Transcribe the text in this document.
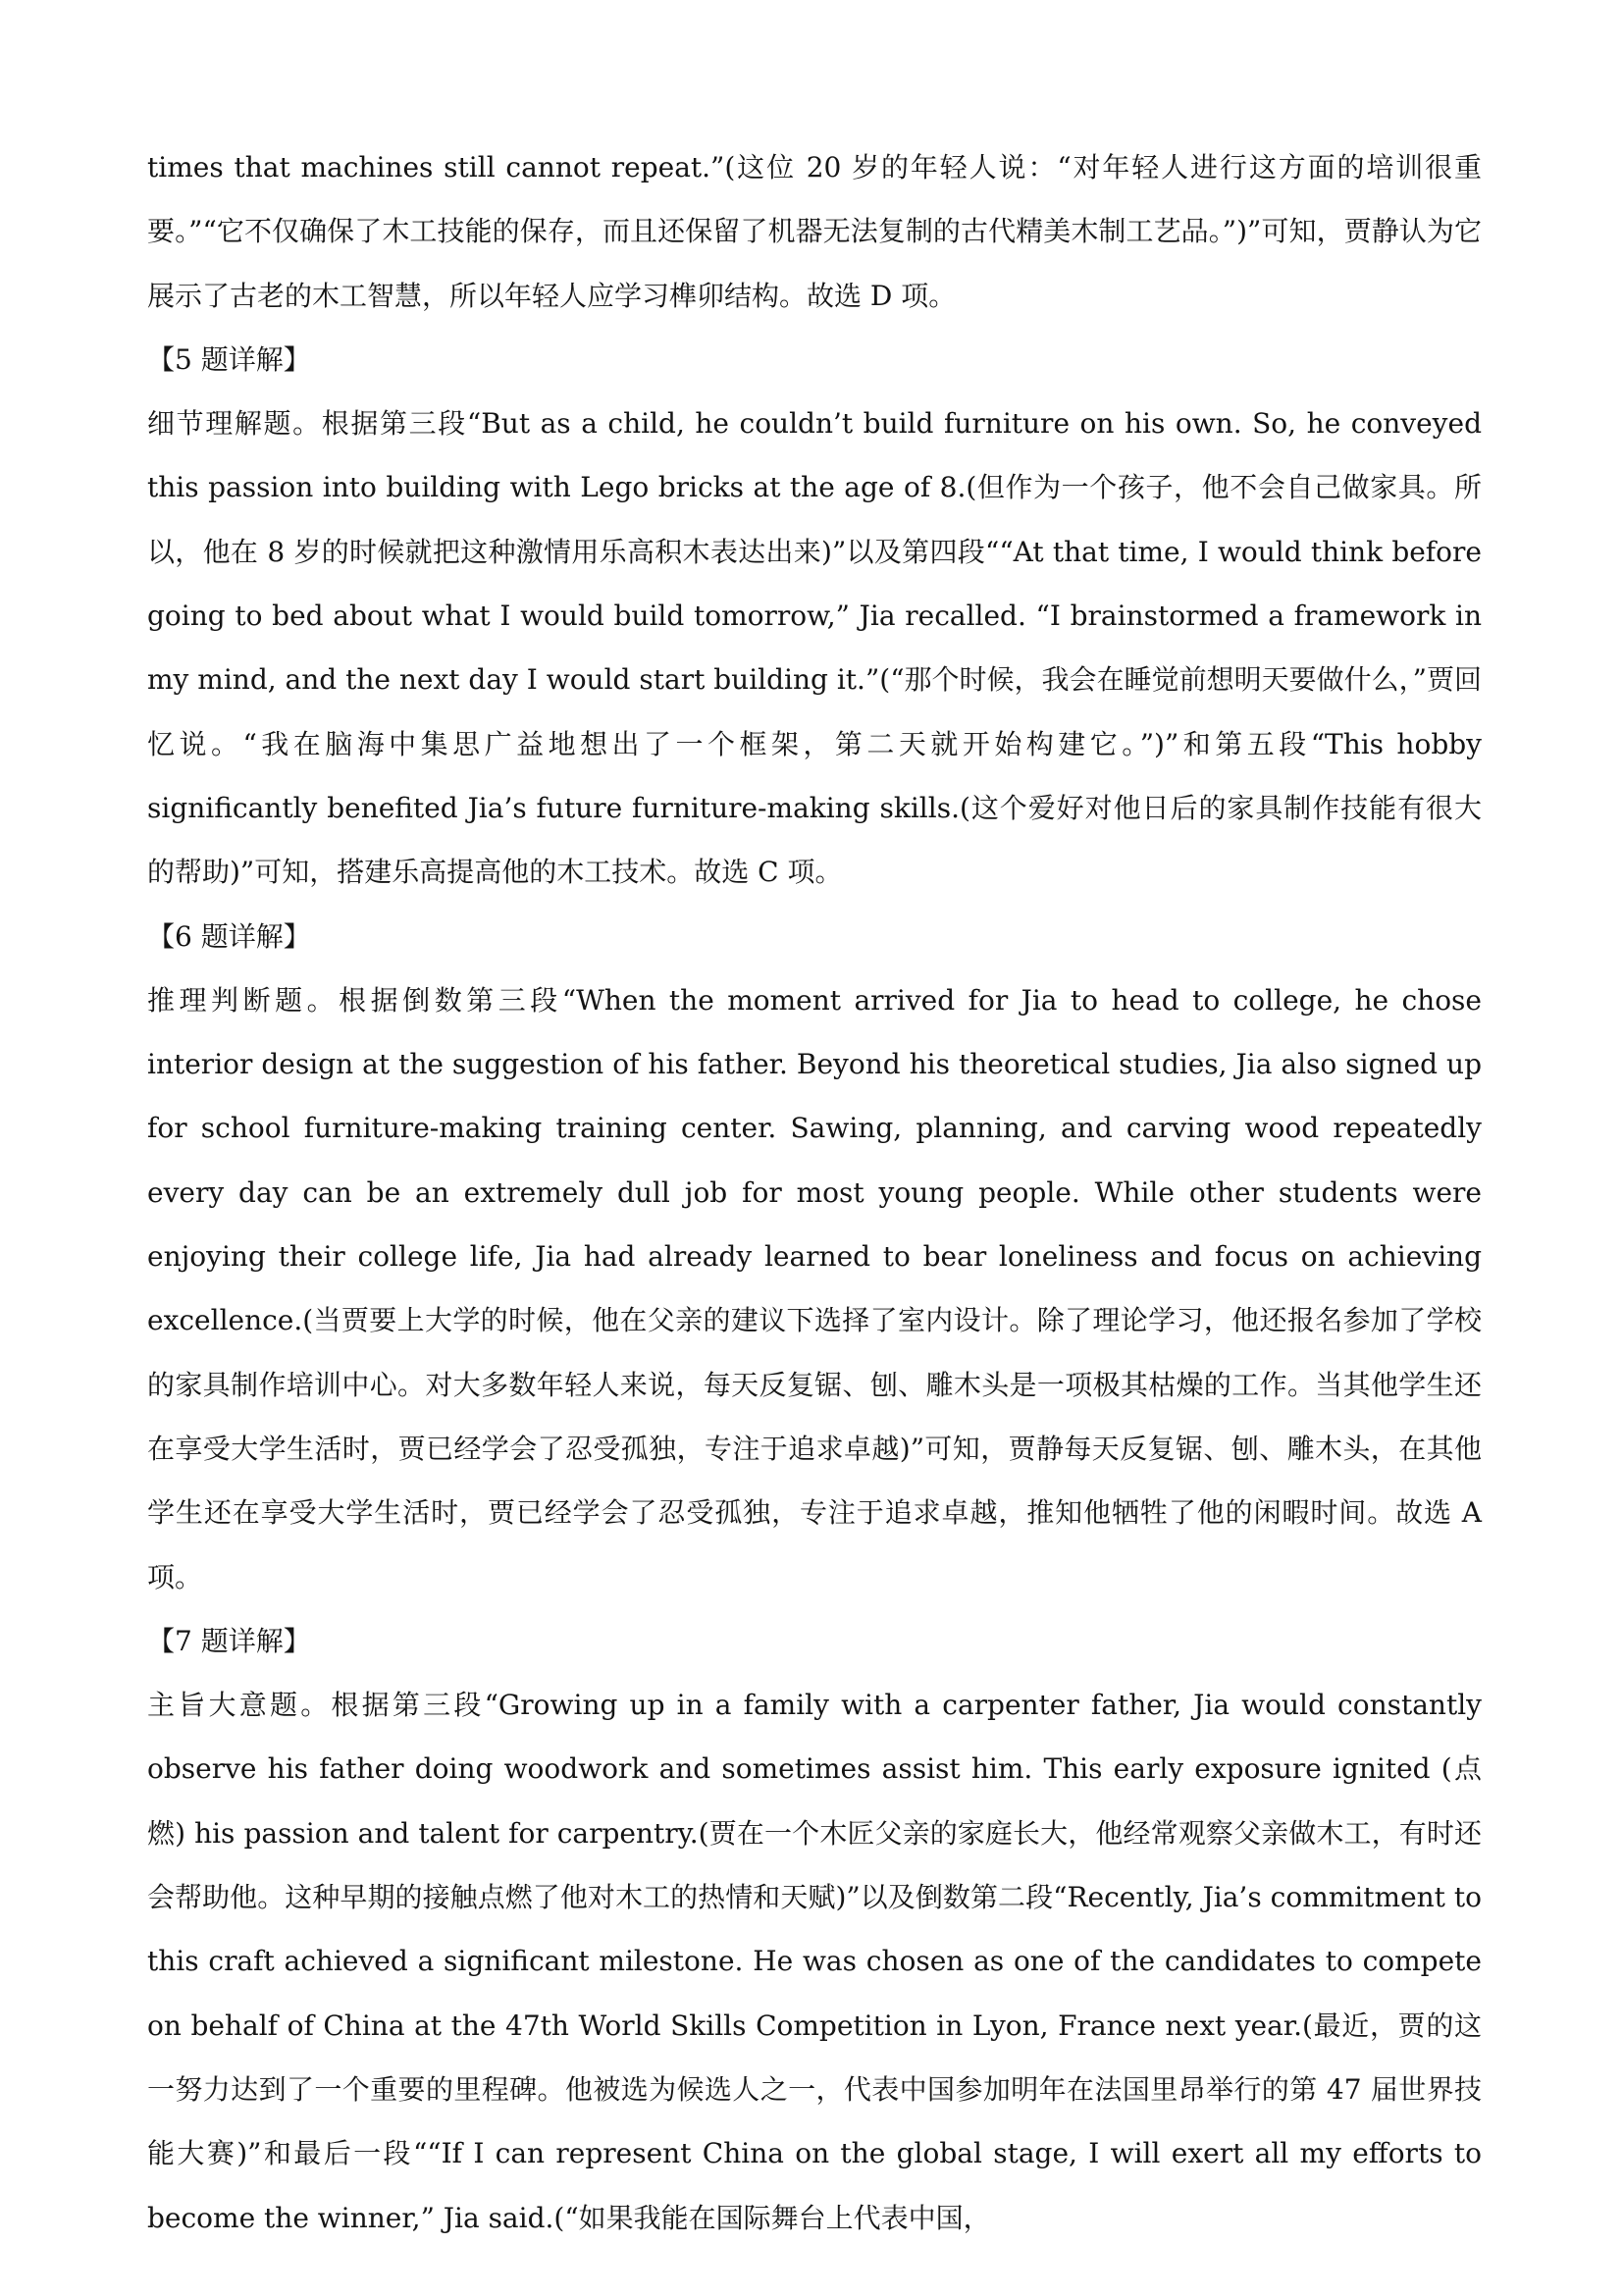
times that machines still cannot repeat.”(这位 20 岁的年轻人说：“对年轻人进行这方面的培训很重要。”“它不仅确保了木工技能的保存，而且还保留了机器无法复制的古代精美木制工艺品。”)”可知，贾静认为它展示了古老的木工智慧，所以年轻人应学习榫卯结构。故选 D 项。

【5 题详解】

细节理解题。根据第三段“But as a child, he couldn’t build furniture on his own. So, he conveyed this passion into building with Lego bricks at the age of 8.(但作为一个孩子，他不会自己做家具。所以，他在 8 岁的时候就把这种激情用乐高积木表达出来)”以及第四段““At that time, I would think before going to bed about what I would build tomorrow,” Jia recalled. “I brainstormed a framework in my mind, and the next day I would start building it.”(“那个时候，我会在睡觉前想明天要做什么，”贾回忆说。“我在脑海中集思广益地想出了一个框架，第二天就开始构建它。”)”和第五段“This hobby significantly benefited Jia’s future furniture-making skills.(这个爱好对他日后的家具制作技能有很大的帮助)”可知，搭建乐高提高他的木工技术。故选 C 项。

【6 题详解】

推理判断题。根据倒数第三段“When the moment arrived for Jia to head to college, he chose interior design at the suggestion of his father. Beyond his theoretical studies, Jia also signed up for school furniture-making training center. Sawing, planning, and carving wood repeatedly every day can be an extremely dull job for most young people. While other students were enjoying their college life, Jia had already learned to bear loneliness and focus on achieving excellence.(当贾要上大学的时候，他在父亲的建议下选择了室内设计。除了理论学习，他还报名参加了学校的家具制作培训中心。对大多数年轻人来说，每天反复锯、刨、雕木头是一项极其枯燥的工作。当其他学生还在享受大学生活时，贾已经学会了忍受孤独，专注于追求卓越)”可知，贾静每天反复锯、刨、雕木头，在其他学生还在享受大学生活时，贾已经学会了忍受孤独，专注于追求卓越，推知他牺牲了他的闲暇时间。故选 A 项。

【7 题详解】

主旨大意题。根据第三段“Growing up in a family with a carpenter father, Jia would constantly observe his father doing woodwork and sometimes assist him. This early exposure ignited (点燃) his passion and talent for carpentry.(贾在一个木匠父亲的家庭长大，他经常观察父亲做木工，有时还会帮助他。这种早期的接触点燃了他对木工的热情和天赋)”以及倒数第二段“Recently, Jia’s commitment to this craft achieved a significant milestone. He was chosen as one of the candidates to compete on behalf of China at the 47th World Skills Competition in Lyon, France next year.(最近，贾的这一努力达到了一个重要的里程碑。他被选为候选人之一，代表中国参加明年在法国里昂举行的第 47 届世界技能大赛)”和最后一段““If I can represent China on the global stage, I will exert all my efforts to become the winner,” Jia said.(“如果我能在国际舞台上代表中国，
